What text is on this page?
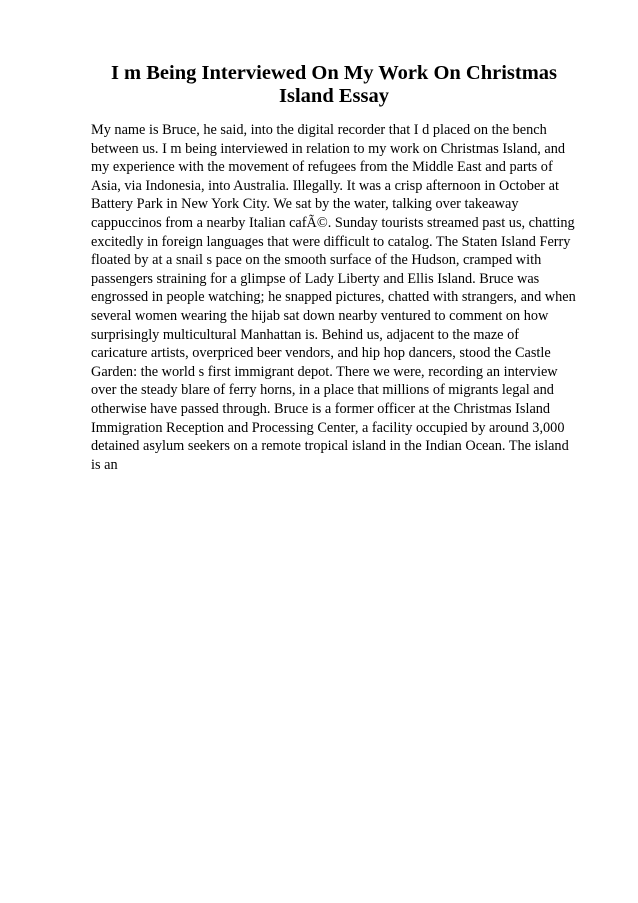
I m Being Interviewed On My Work On Christmas Island Essay

My name is Bruce, he said, into the digital recorder that I d placed on the bench between us. I m being interviewed in relation to my work on Christmas Island, and my experience with the movement of refugees from the Middle East and parts of Asia, via Indonesia, into Australia. Illegally. It was a crisp afternoon in October at Battery Park in New York City. We sat by the water, talking over takeaway cappuccinos from a nearby Italian cafÃ©. Sunday tourists streamed past us, chatting excitedly in foreign languages that were difficult to catalog. The Staten Island Ferry floated by at a snail s pace on the smooth surface of the Hudson, cramped with passengers straining for a glimpse of Lady Liberty and Ellis Island. Bruce was engrossed in people watching; he snapped pictures, chatted with strangers, and when several women wearing the hijab sat down nearby ventured to comment on how surprisingly multicultural Manhattan is. Behind us, adjacent to the maze of caricature artists, overpriced beer vendors, and hip hop dancers, stood the Castle Garden: the world s first immigrant depot. There we were, recording an interview over the steady blare of ferry horns, in a place that millions of migrants legal and otherwise have passed through. Bruce is a former officer at the Christmas Island Immigration Reception and Processing Center, a facility occupied by around 3,000 detained asylum seekers on a remote tropical island in the Indian Ocean. The island is an
